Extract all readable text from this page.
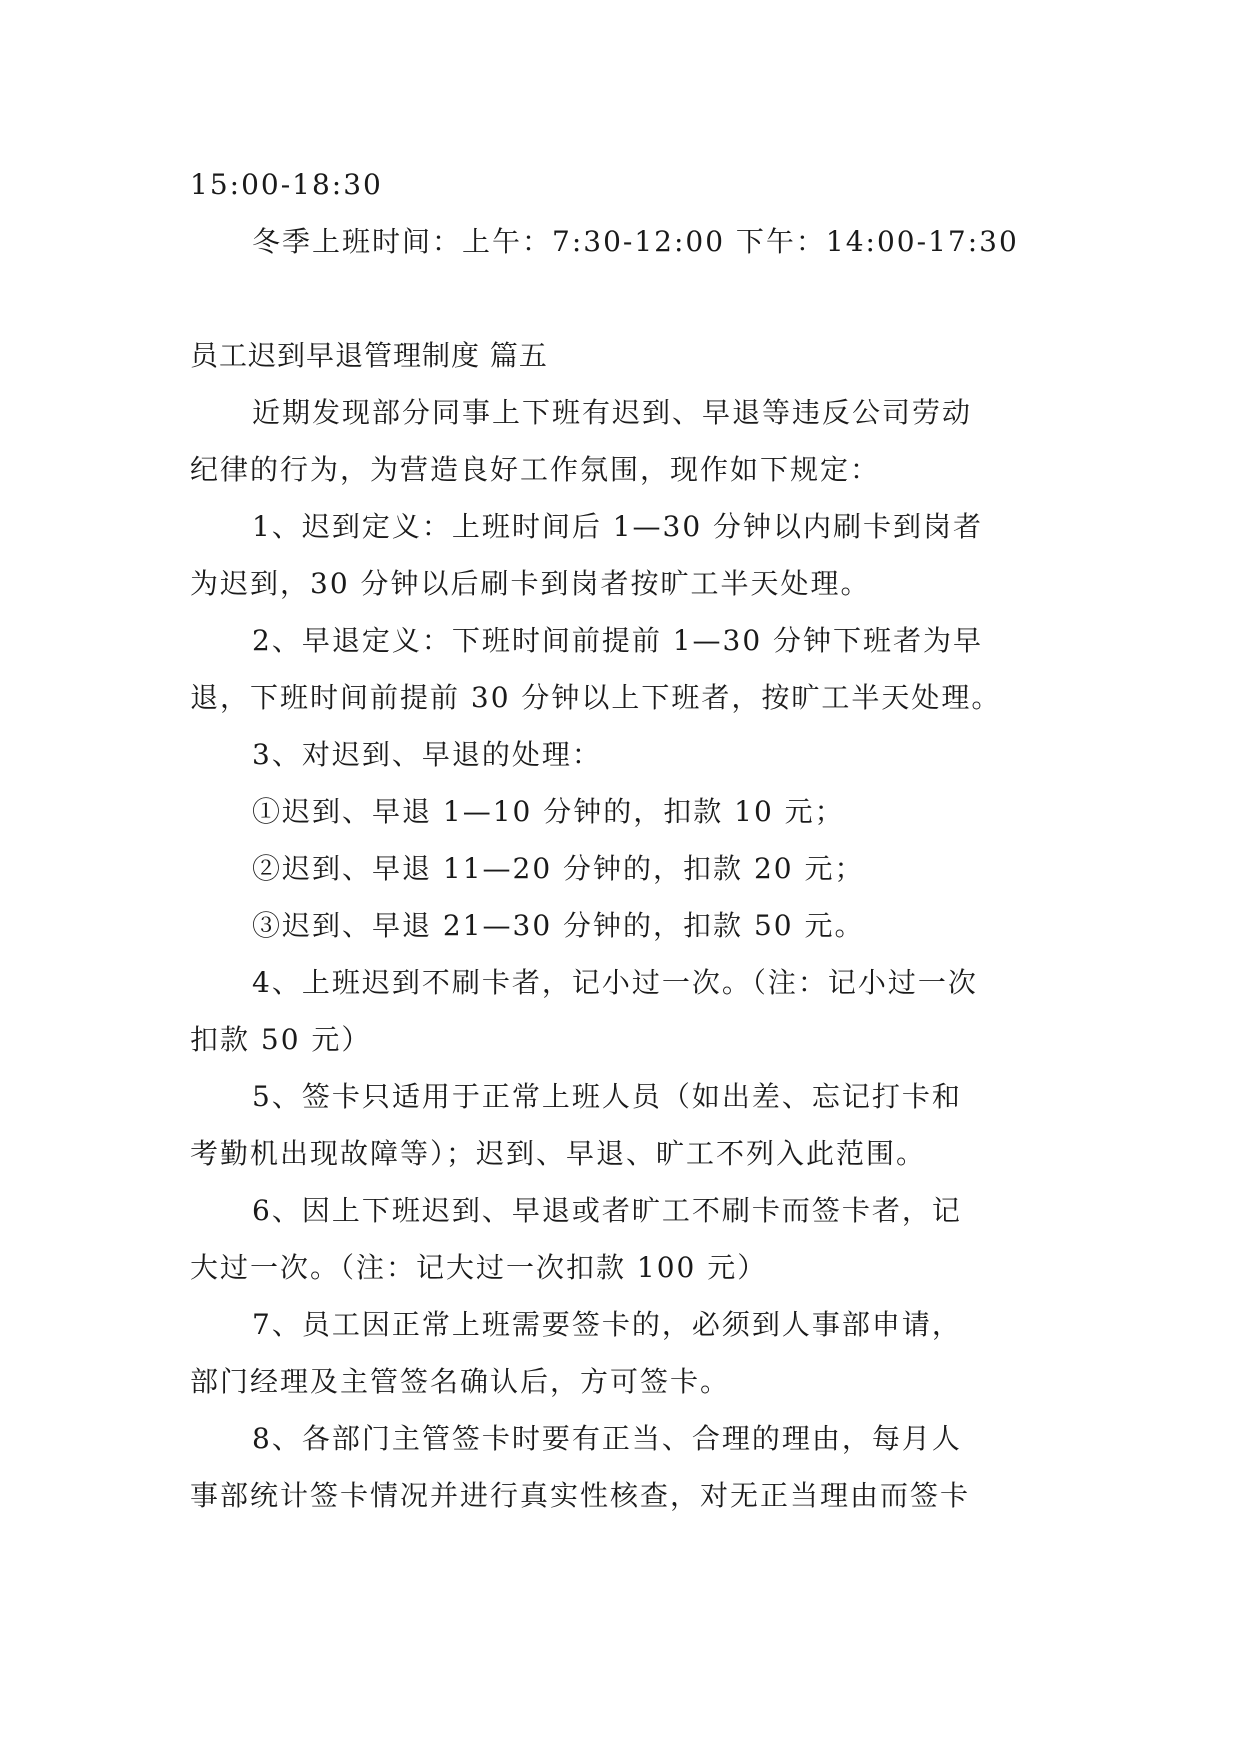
15:00-18:30
冬季上班时间：上午：7:30-12:00 下午：14:00-17:30
员工迟到早退管理制度 篇五
近期发现部分同事上下班有迟到、早退等违反公司劳动
纪律的行为，为营造良好工作氛围，现作如下规定：
1、迟到定义：上班时间后 1—30 分钟以内刷卡到岗者
为迟到，30 分钟以后刷卡到岗者按旷工半天处理。
2、早退定义：下班时间前提前 1—30 分钟下班者为早
退，下班时间前提前 30 分钟以上下班者，按旷工半天处理。
3、对迟到、早退的处理：
①迟到、早退 1—10 分钟的，扣款 10 元；
②迟到、早退 11—20 分钟的，扣款 20 元；
③迟到、早退 21—30 分钟的，扣款 50 元。
4、上班迟到不刷卡者，记小过一次。（注：记小过一次
扣款 50 元）
5、签卡只适用于正常上班人员（如出差、忘记打卡和
考勤机出现故障等）；迟到、早退、旷工不列入此范围。
6、因上下班迟到、早退或者旷工不刷卡而签卡者，记
大过一次。（注：记大过一次扣款 100 元）
7、员工因正常上班需要签卡的，必须到人事部申请，
部门经理及主管签名确认后，方可签卡。
8、各部门主管签卡时要有正当、合理的理由，每月人
事部统计签卡情况并进行真实性核查，对无正当理由而签卡
